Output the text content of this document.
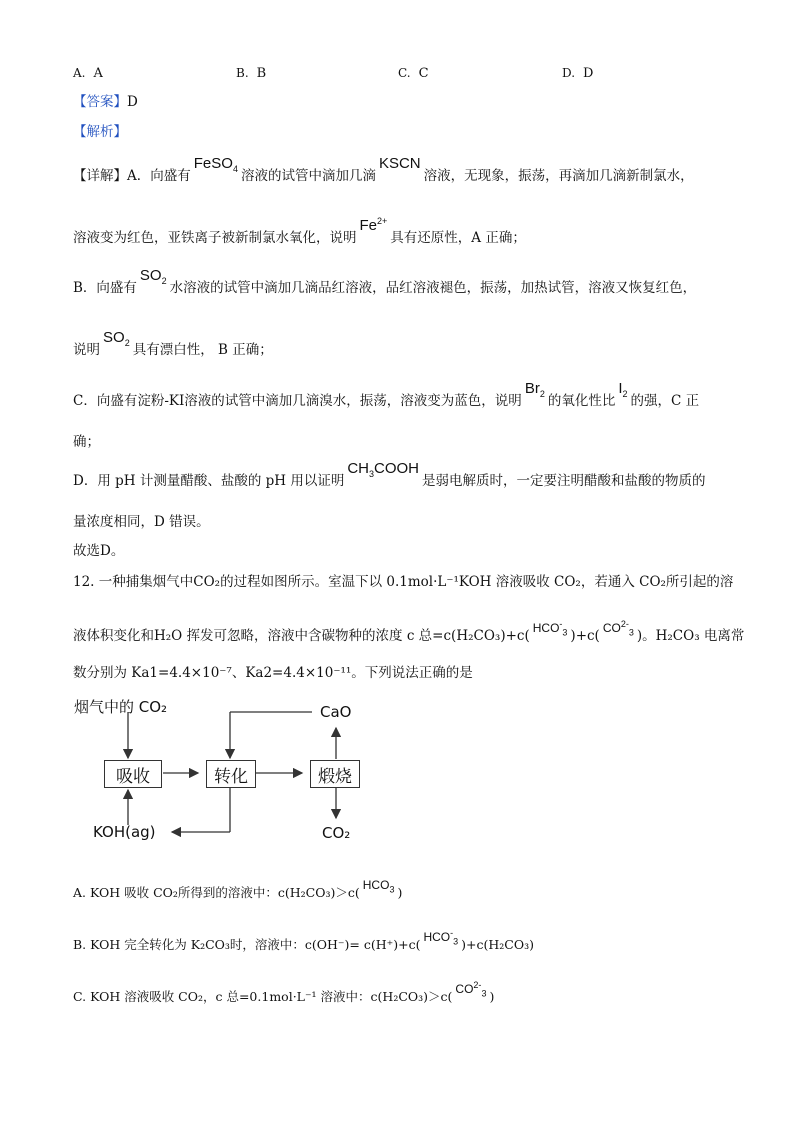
A. A	B. B	C. C	D. D
【答案】D
【解析】
【详解】A．向盛有FeSO$_4$ 溶液的试管中滴加几滴KSCN溶液，无现象，振荡，再滴加几滴新制氯水，
溶液变为红色，亚铁离子被新制氯水氧化，说明$Fe^{2+}$具有还原性，A 正确；
B．向盛有$SO_2$ 水溶液的试管中滴加几滴品红溶液，品红溶液褪色，振荡，加热试管，溶液又恢复红色，
说明$SO_2$ 具有漂白性， B 正确；
C．向盛有淀粉-KI溶液的试管中滴加几滴溴水，振荡，溶液变为蓝色，说明$Br_2$ 的氧化性比$I_2$ 的强，C 正
确；
D．用 pH 计测量醋酸、盐酸的 pH 用以证明$CH_3COOH$是弱电解质时，一定要注明醋酸和盐酸的物质的
量浓度相同，D 错误。
故选D。
12. 一种捕集烟气中CO₂的过程如图所示。室温下以 0.1mol·L⁻¹KOH 溶液吸收 CO₂，若通入 CO₂所引起的溶
液体积变化和H₂O 挥发可忽略，溶液中含碳物种的浓度 c 总=c(H₂CO₃)+c( $HCO^-_3$ )+c( $CO^{2-}_3$ )。H₂CO₃ 电离常
数分别为 Ka1=4.4×10⁻⁷、Ka2=4.4×10⁻¹¹。下列说法正确的是
烟气中的 CO₂	CaO
吸收	转化	煅烧
KOH(ag)	CO₂
A. KOH 吸收 CO₂所得到的溶液中：c(H₂CO₃)＞c( $HCO_3$ )
B. KOH 完全转化为 K₂CO₃时，溶液中：c(OH⁻)= c(H⁺)+c( $HCO^-_3$ )+c(H₂CO₃)
C. KOH 溶液吸收 CO₂，c 总=0.1mol·L⁻¹ 溶液中：c(H₂CO₃)＞c( $CO^{2-}_3$ )
